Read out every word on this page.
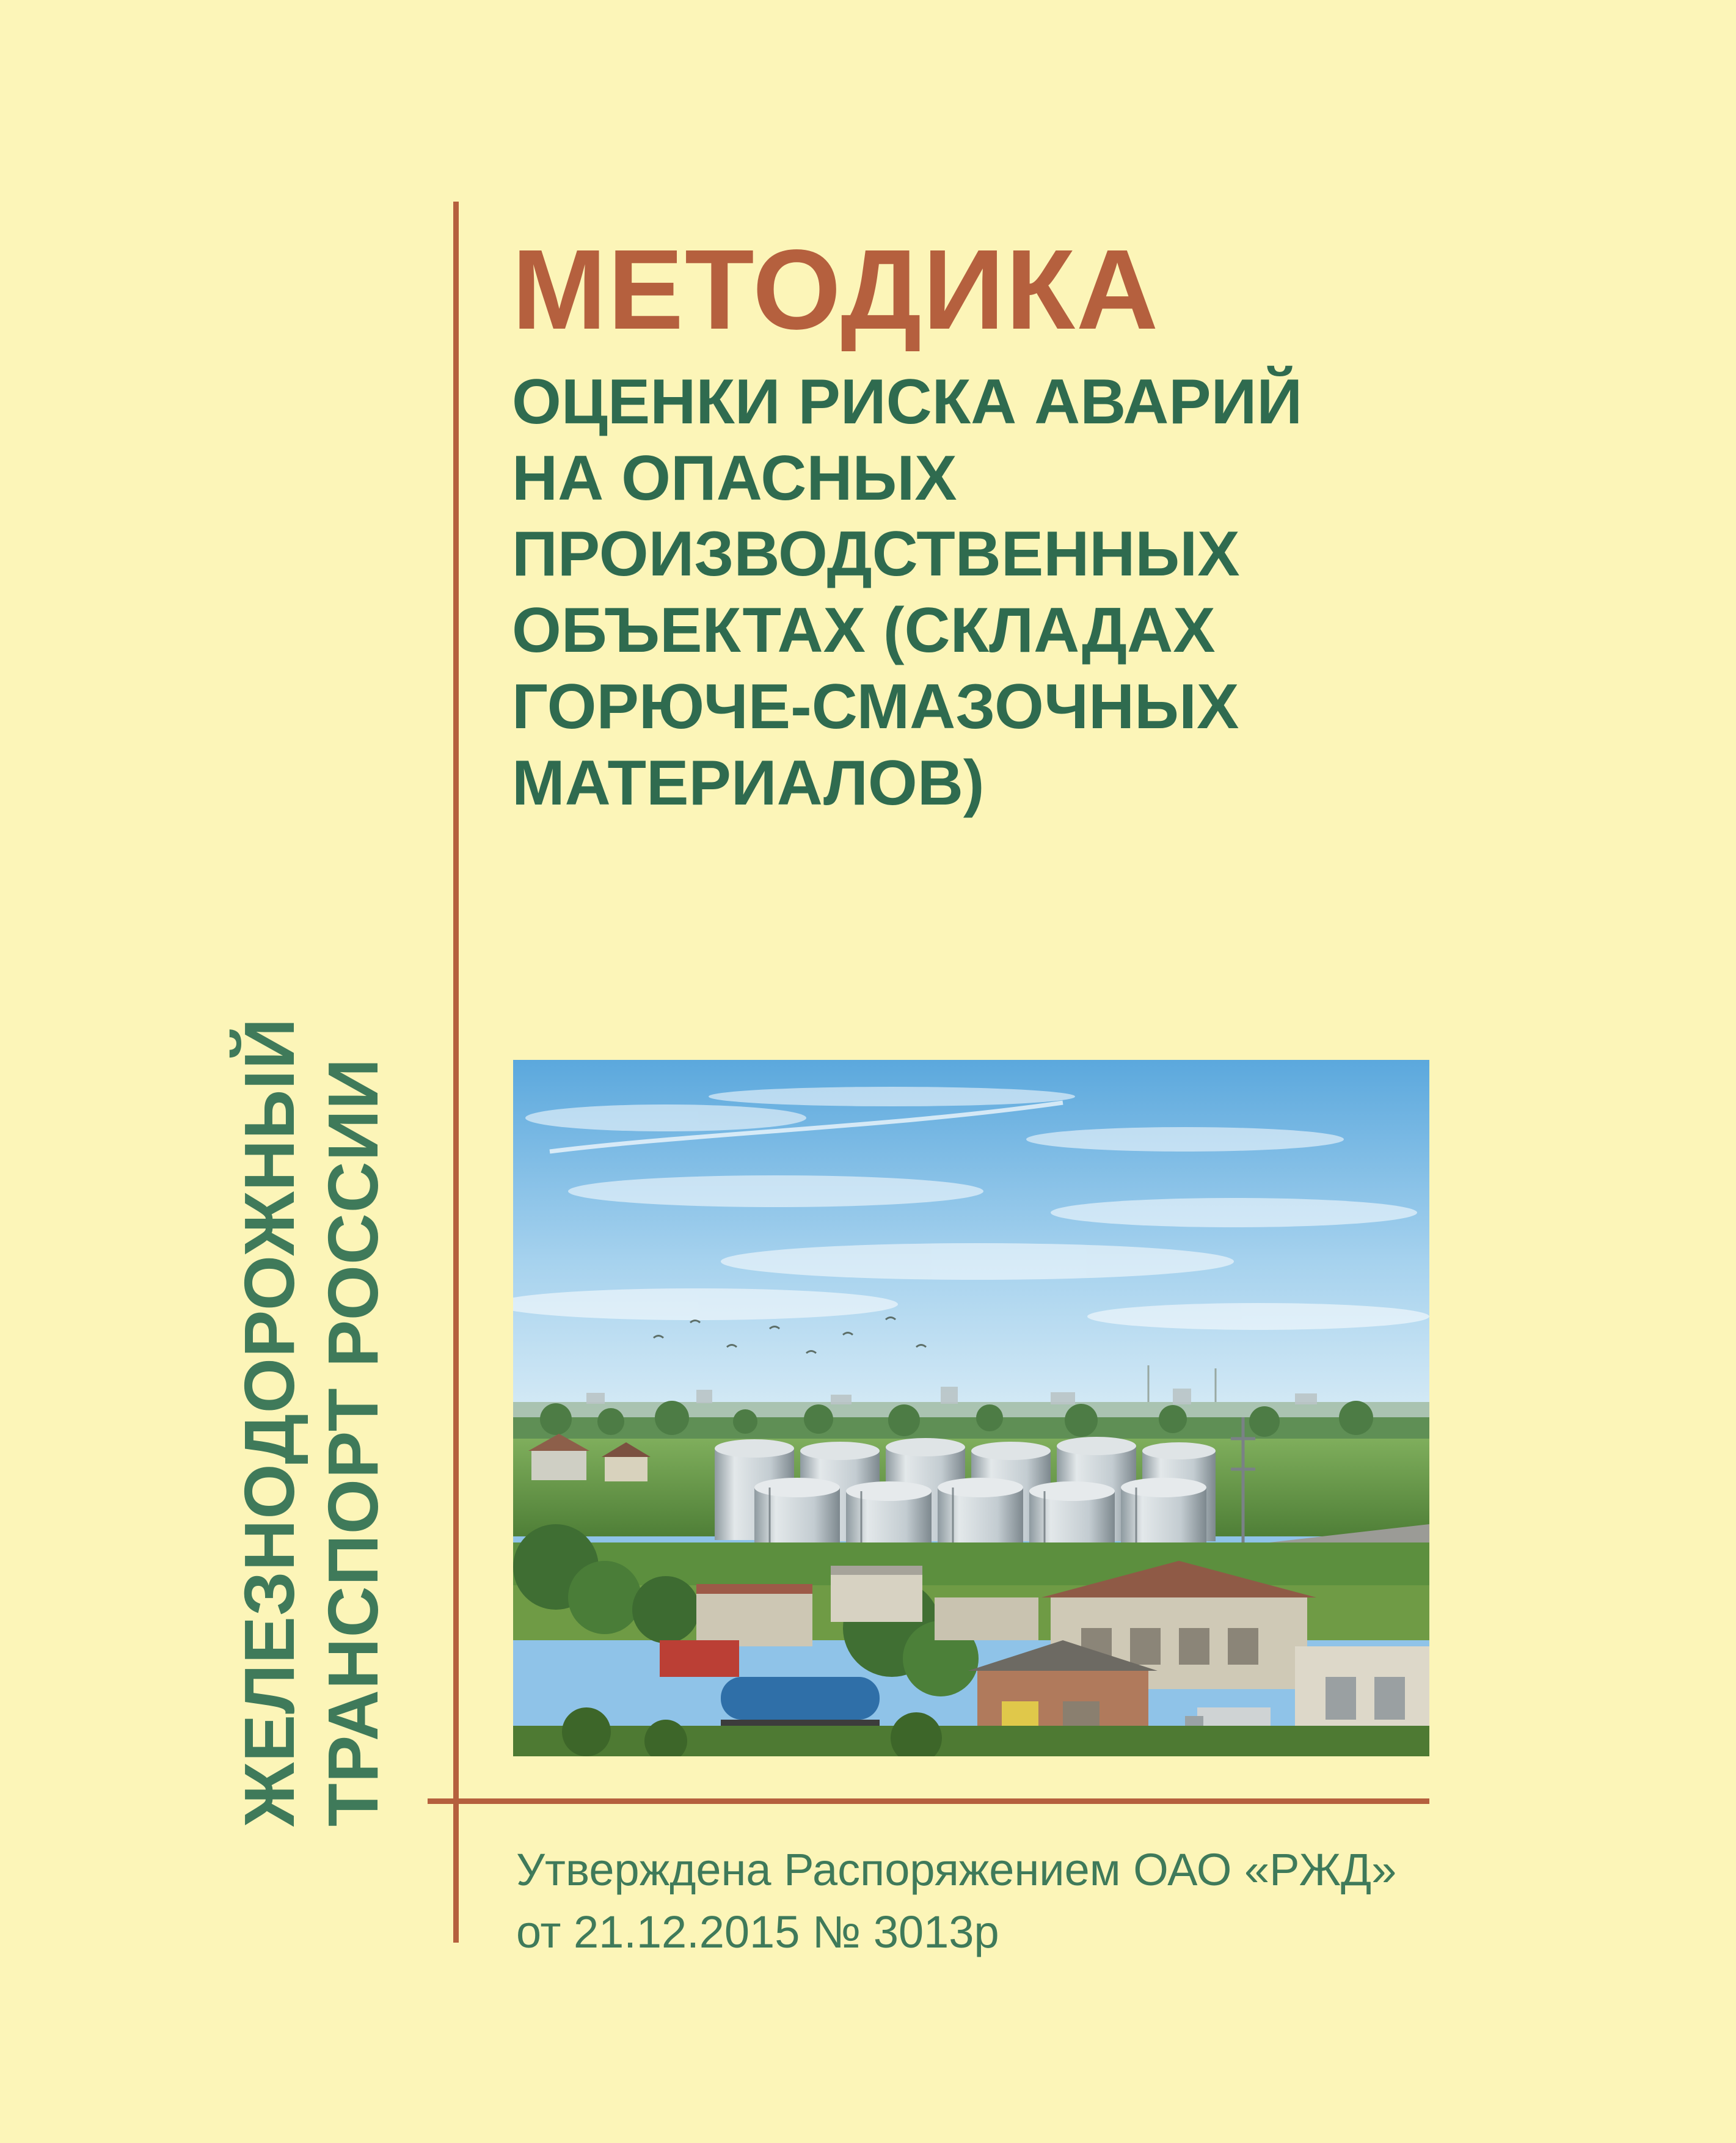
ЖЕЛЕЗНОДОРОЖНЫЙ ТРАНСПОРТ РОССИИ
МЕТОДИКА
ОЦЕНКИ РИСКА АВАРИЙ
НА ОПАСНЫХ
ПРОИЗВОДСТВЕННЫХ
ОБЪЕКТАХ (СКЛАДАХ
ГОРЮЧЕ-СМАЗОЧНЫХ
МАТЕРИАЛОВ)
Утверждена Распоряжением ОАО «РЖД»
от 21.12.2015 № 3013р
